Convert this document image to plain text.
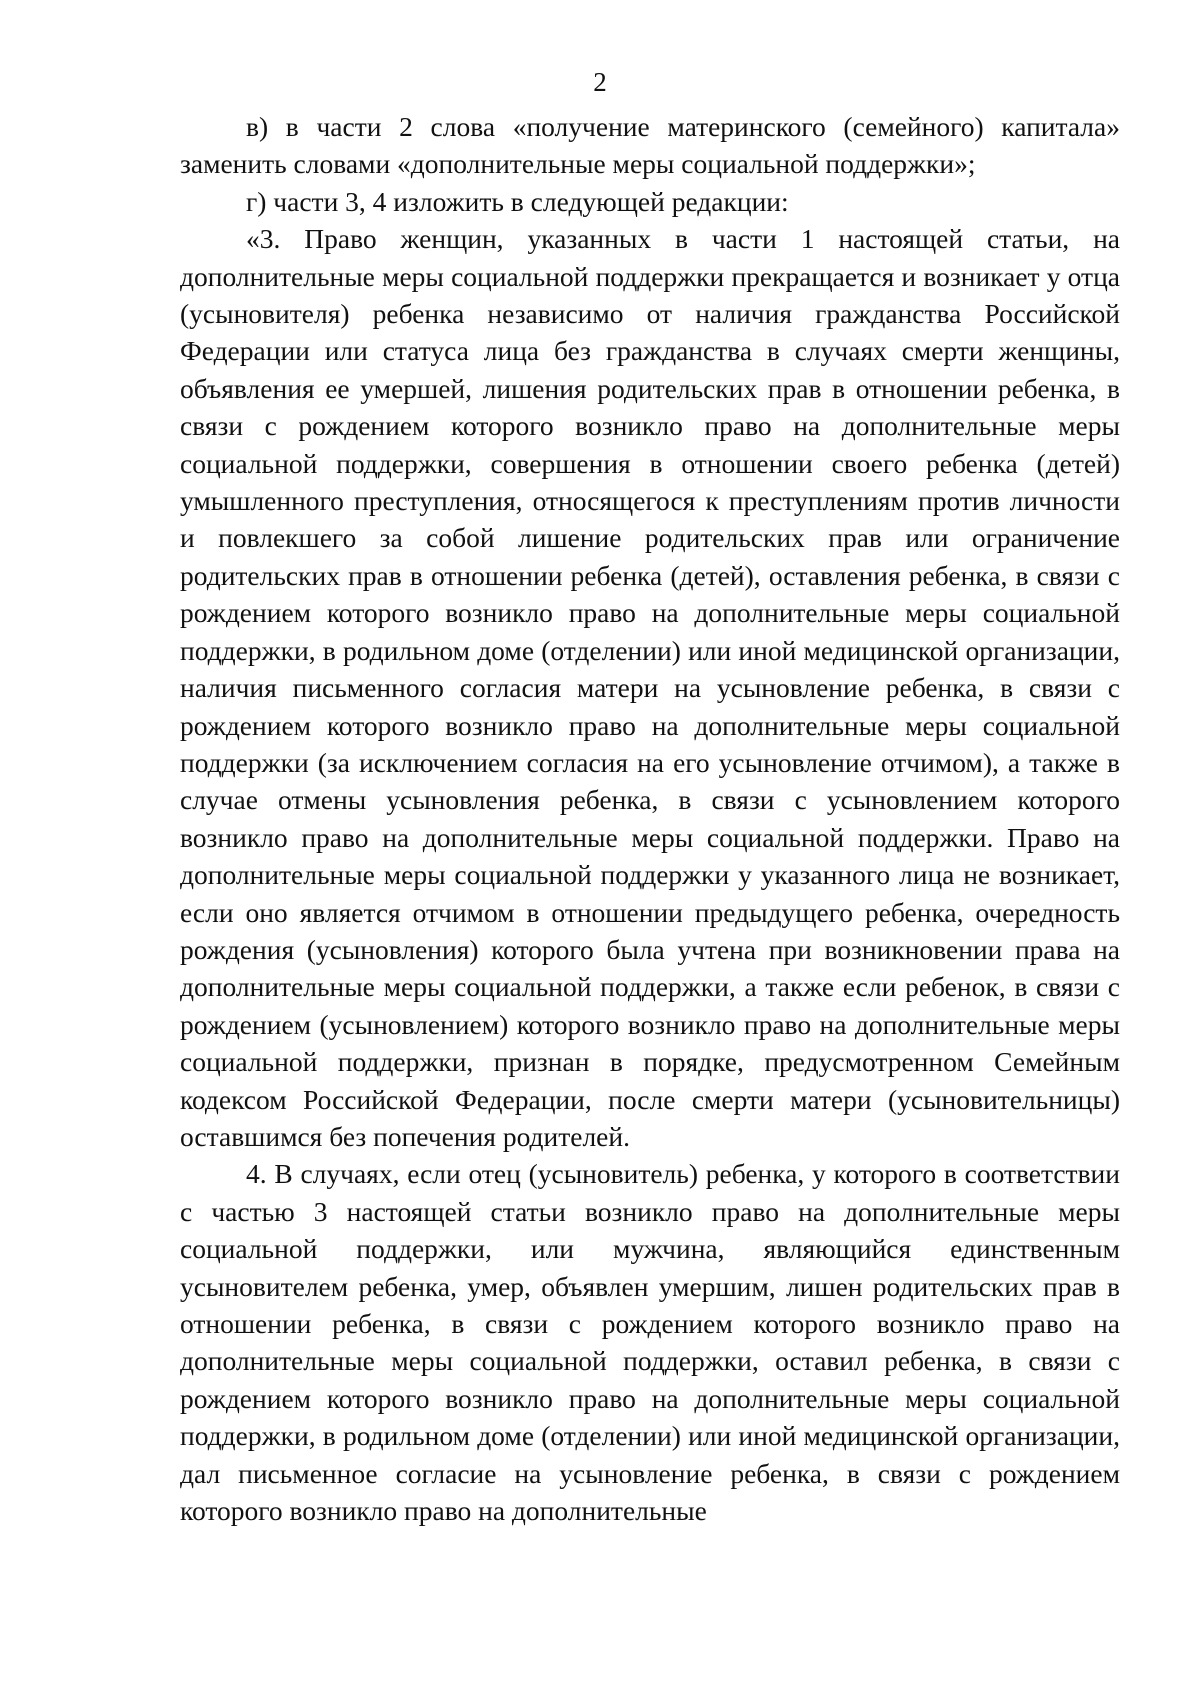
2

в) в части 2 слова «получение материнского (семейного) капитала» заменить словами «дополнительные меры социальной поддержки»;

г) части 3, 4 изложить в следующей редакции:

«3. Право женщин, указанных в части 1 настоящей статьи, на дополнительные меры социальной поддержки прекращается и возникает у отца (усыновителя) ребенка независимо от наличия гражданства Российской Федерации или статуса лица без гражданства в случаях смерти женщины, объявления ее умершей, лишения родительских прав в отношении ребенка, в связи с рождением которого возникло право на дополнительные меры социальной поддержки, совершения в отношении своего ребенка (детей) умышленного преступления, относящегося к преступлениям против личности и повлекшего за собой лишение родительских прав или ограничение родительских прав в отношении ребенка (детей), оставления ребенка, в связи с рождением которого возникло право на дополнительные меры социальной поддержки, в родильном доме (отделении) или иной медицинской организации, наличия письменного согласия матери на усыновление ребенка, в связи с рождением которого возникло право на дополнительные меры социальной поддержки (за исключением согласия на его усыновление отчимом), а также в случае отмены усыновления ребенка, в связи с усыновлением которого возникло право на дополнительные меры социальной поддержки. Право на дополнительные меры социальной поддержки у указанного лица не возникает, если оно является отчимом в отношении предыдущего ребенка, очередность рождения (усыновления) которого была учтена при возникновении права на дополнительные меры социальной поддержки, а также если ребенок, в связи с рождением (усыновлением) которого возникло право на дополнительные меры социальной поддержки, признан в порядке, предусмотренном Семейным кодексом Российской Федерации, после смерти матери (усыновительницы) оставшимся без попечения родителей.

4. В случаях, если отец (усыновитель) ребенка, у которого в соответствии с частью 3 настоящей статьи возникло право на дополнительные меры социальной поддержки, или мужчина, являющийся единственным усыновителем ребенка, умер, объявлен умершим, лишен родительских прав в отношении ребенка, в связи с рождением которого возникло право на дополнительные меры социальной поддержки, оставил ребенка, в связи с рождением которого возникло право на дополнительные меры социальной поддержки, в родильном доме (отделении) или иной медицинской организации, дал письменное согласие на усыновление ребенка, в связи с рождением которого возникло право на дополнительные
